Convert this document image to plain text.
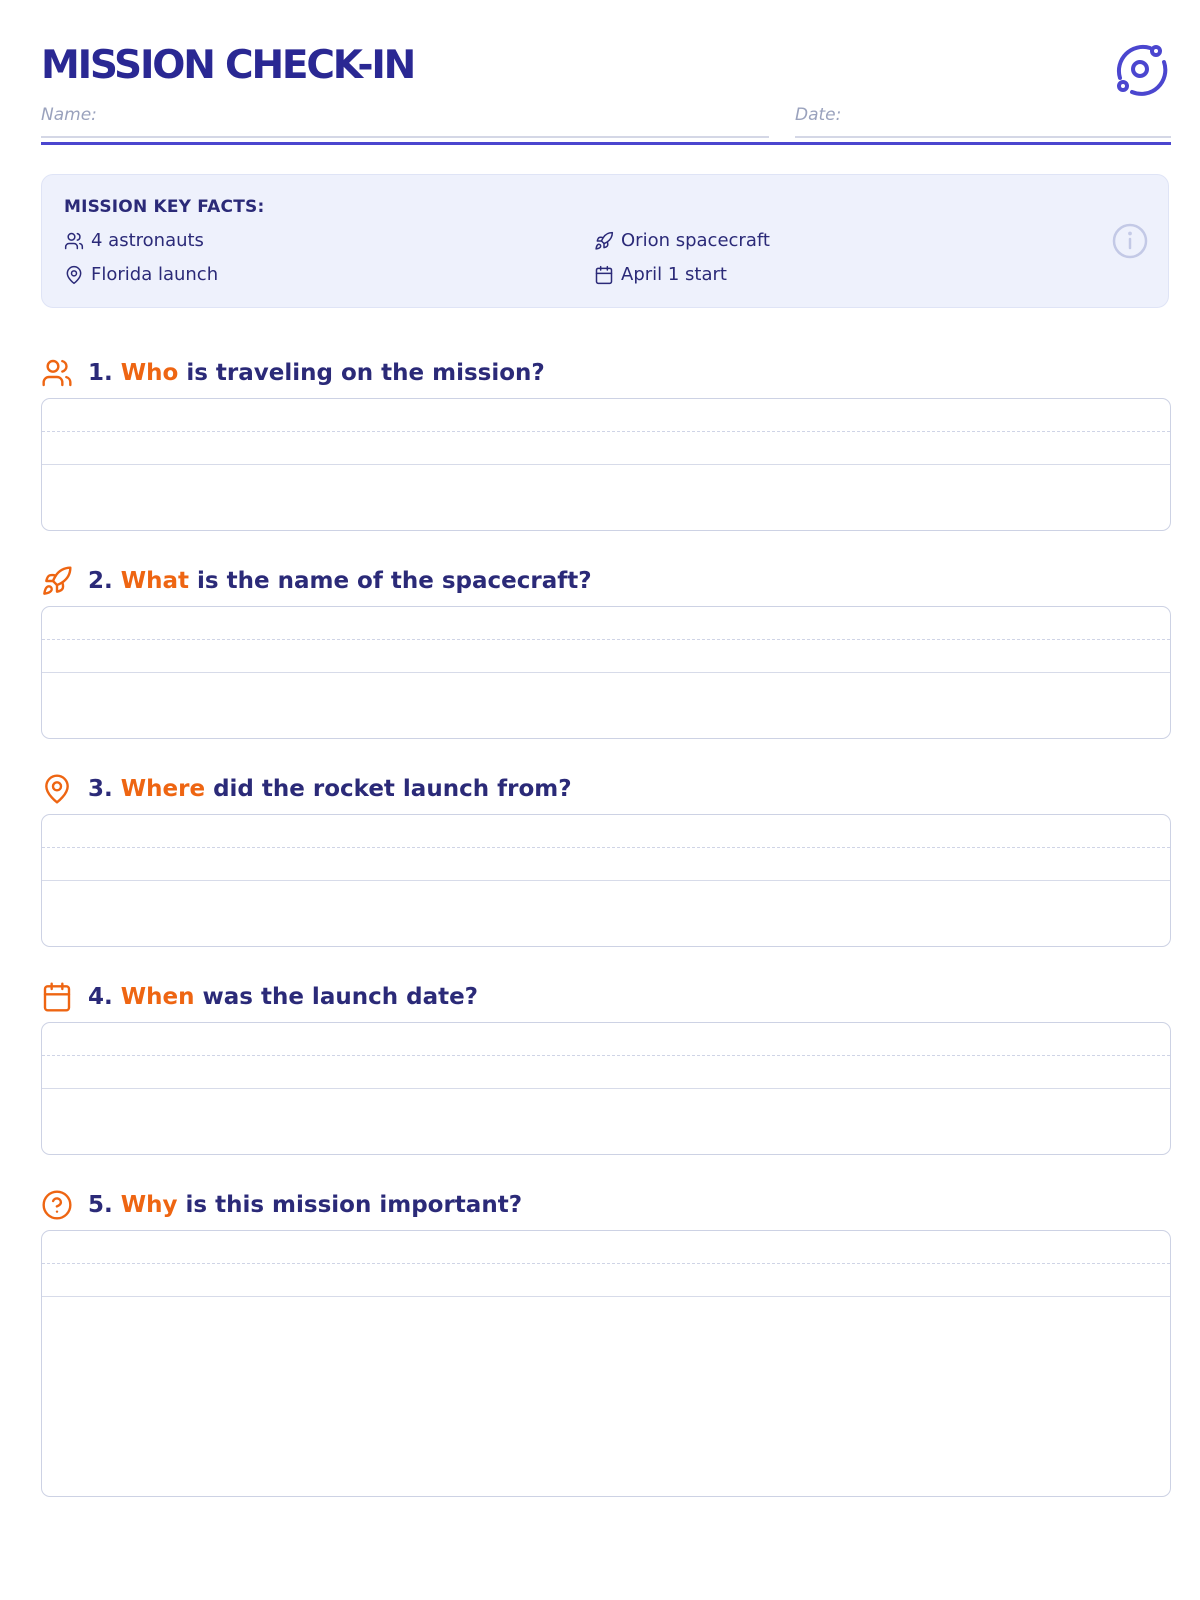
MISSION CHECK-IN
Name:	Date:
MISSION KEY FACTS:
4 astronauts	Orion spacecraft
Florida launch	April 1 start
1. Who is traveling on the mission?
2. What is the name of the spacecraft?
3. Where did the rocket launch from?
4. When was the launch date?
5. Why is this mission important?
